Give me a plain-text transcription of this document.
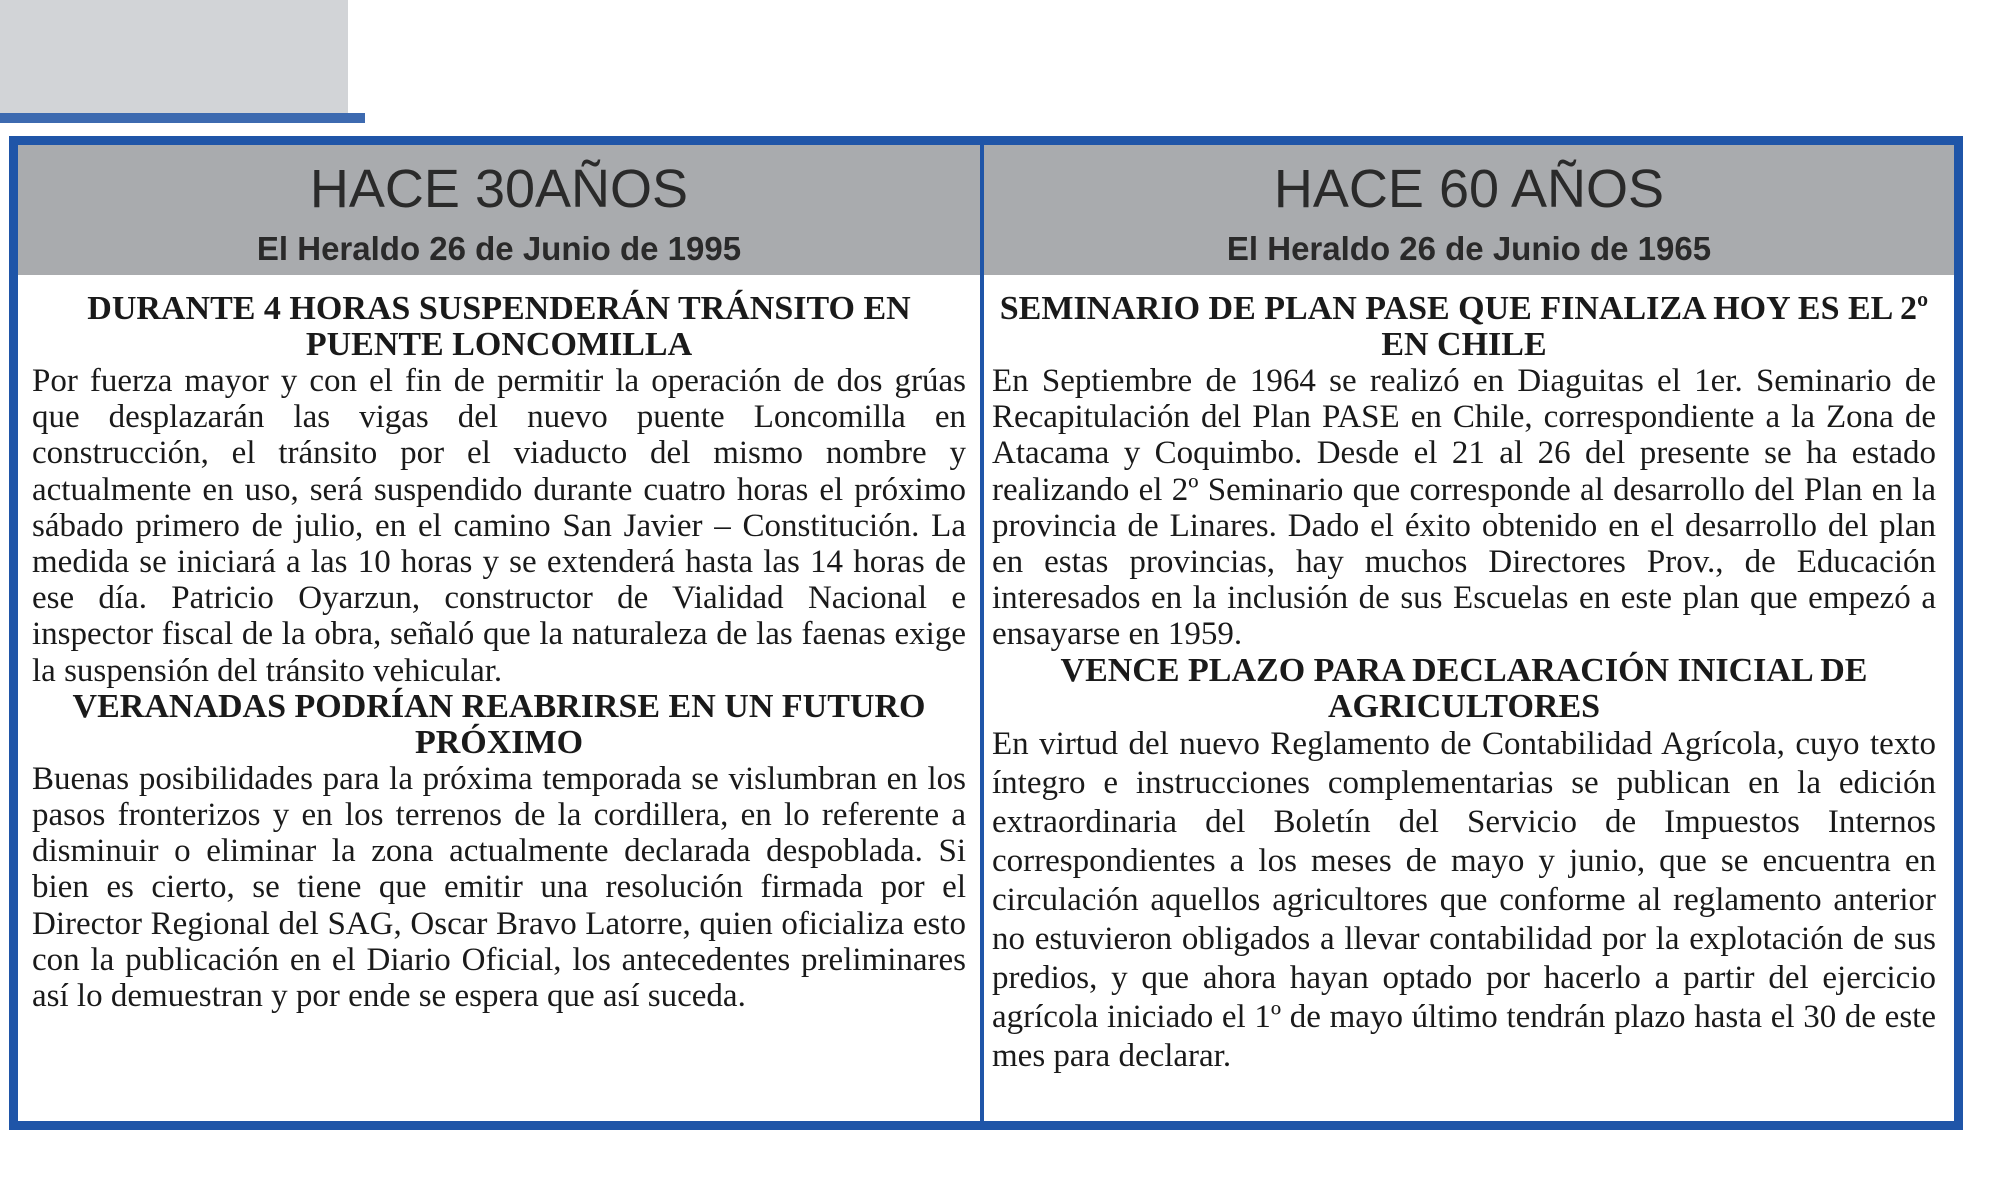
HACE 30AÑOS
El Heraldo 26 de Junio de 1995
DURANTE 4 HORAS SUSPENDERÁN TRÁNSITO EN PUENTE LONCOMILLA

Por fuerza mayor y con el fin de permitir la operación de dos grúas que desplazarán las vigas del nuevo puente Loncomilla en construcción, el tránsito por el viaducto del mismo nombre y actualmente en uso, será suspendido durante cuatro horas el próximo sábado primero de julio, en el camino San Javier – Constitución. La medida se iniciará a las 10 horas y se extenderá hasta las 14 horas de ese día. Patricio Oyarzun, constructor de Vialidad Nacional e inspector fiscal de la obra, señaló que la naturaleza de las faenas exige la suspensión del tránsito vehicular.

VERANADAS PODRÍAN REABRIRSE EN UN FUTURO PRÓXIMO

Buenas posibilidades para la próxima temporada se vislumbran en los pasos fronterizos y en los terrenos de la cordillera, en lo referente a disminuir o eliminar la zona actualmente declarada despoblada. Si bien es cierto, se tiene que emitir una resolución firmada por el Director Regional del SAG, Oscar Bravo Latorre, quien oficializa esto con la publicación en el Diario Oficial, los antecedentes preliminares así lo demuestran y por ende se espera que así suceda.

HACE 60 AÑOS
El Heraldo 26 de Junio de 1965
SEMINARIO DE PLAN PASE QUE FINALIZA HOY ES EL 2º EN CHILE

En Septiembre de 1964 se realizó en Diaguitas el 1er. Seminario de Recapitulación del Plan PASE en Chile, correspondiente a la Zona de Atacama y Coquimbo. Desde el 21 al 26 del presente se ha estado realizando el 2º Seminario que corresponde al desarrollo del Plan en la provincia de Linares. Dado el éxito obtenido en el desarrollo del plan en estas provincias, hay muchos Directores Prov., de Educación interesados en la inclusión de sus Escuelas en este plan que empezó a ensayarse en 1959.

VENCE PLAZO PARA DECLARACIÓN INICIAL DE AGRICULTORES

En virtud del nuevo Reglamento de Contabilidad Agrícola, cuyo texto íntegro e instrucciones complementarias se publican en la edición extraordinaria del Boletín del Servicio de Impuestos Internos correspondientes a los meses de mayo y junio, que se encuentra en circulación aquellos agricultores que conforme al reglamento anterior no estuvieron obligados a llevar contabilidad por la explotación de sus predios, y que ahora hayan optado por hacerlo a partir del ejercicio agrícola iniciado el 1º de mayo último tendrán plazo hasta el 30 de este mes para declarar.
